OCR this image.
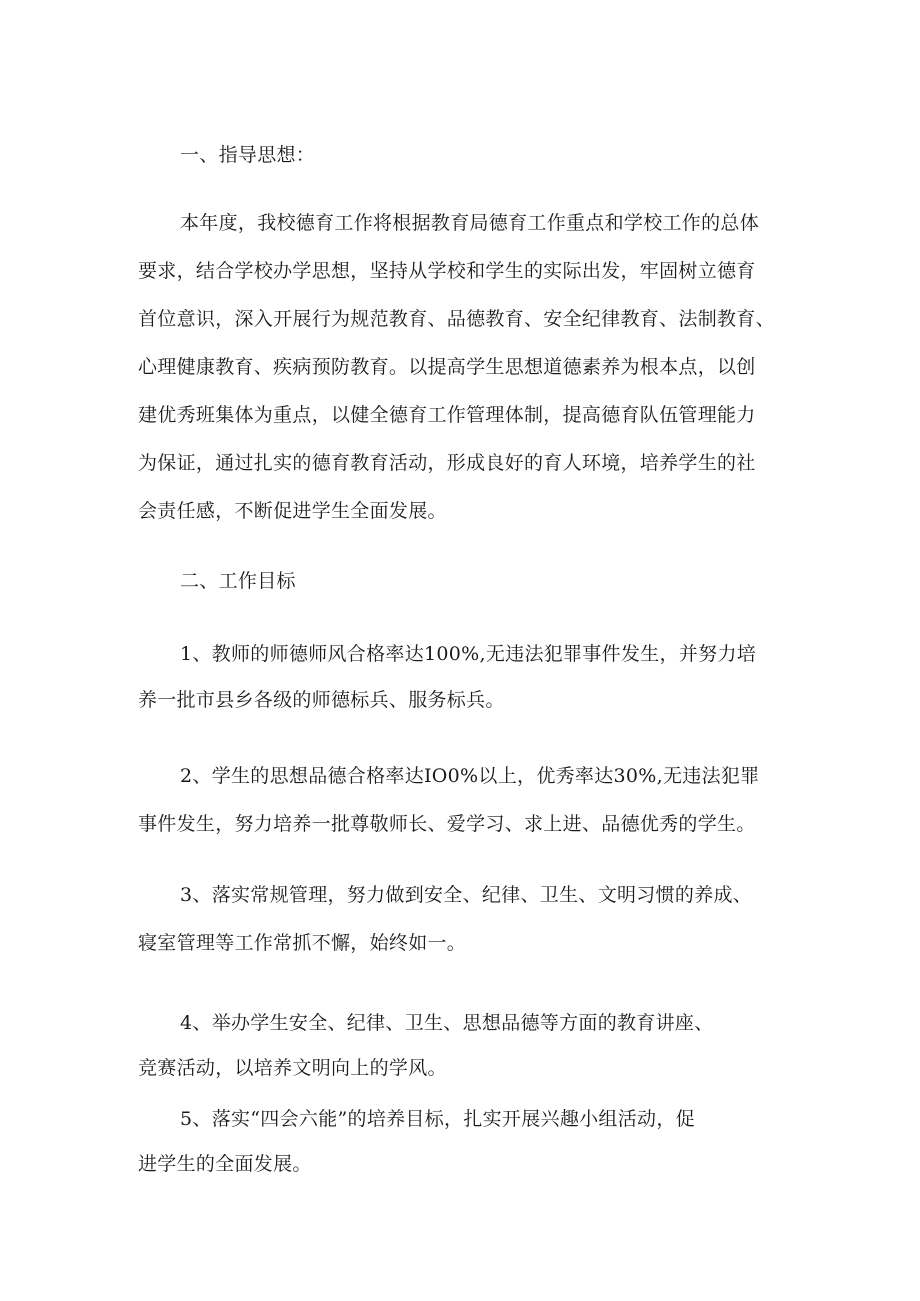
一、指导思想：
本年度，我校德育工作将根据教育局德育工作重点和学校工作的总体
要求，结合学校办学思想，坚持从学校和学生的实际出发，牢固树立德育
首位意识，深入开展行为规范教育、品德教育、安全纪律教育、法制教育、
心理健康教育、疾病预防教育。以提高学生思想道德素养为根本点，以创
建优秀班集体为重点，以健全德育工作管理体制，提高德育队伍管理能力
为保证，通过扎实的德育教育活动，形成良好的育人环境，培养学生的社
会责任感，不断促进学生全面发展。
二、工作目标
1、教师的师德师风合格率达100%,无违法犯罪事件发生，并努力培
养一批市县乡各级的师德标兵、服务标兵。
2、学生的思想品德合格率达IO0%以上，优秀率达30%,无违法犯罪
事件发生，努力培养一批尊敬师长、爱学习、求上进、品德优秀的学生。
3、落实常规管理，努力做到安全、纪律、卫生、文明习惯的养成、
寝室管理等工作常抓不懈，始终如一。
4、举办学生安全、纪律、卫生、思想品德等方面的教育讲座、
竞赛活动，以培养文明向上的学风。
5、落实“四会六能”的培养目标，扎实开展兴趣小组活动，促
进学生的全面发展。
